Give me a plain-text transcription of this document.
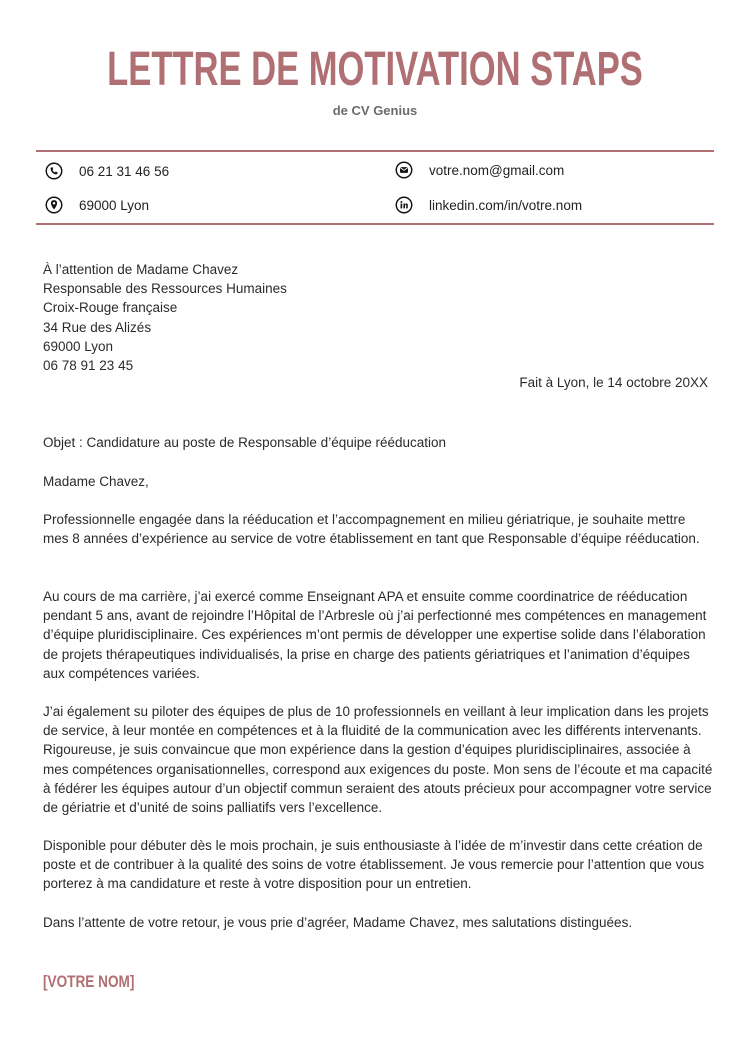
LETTRE DE MOTIVATION STAPS
de CV Genius
06 21 31 46 56	votre.nom@gmail.com
69000 Lyon	linkedin.com/in/votre.nom
À l’attention de Madame Chavez
Responsable des Ressources Humaines
Croix-Rouge française
34 Rue des Alizés
69000 Lyon
06 78 91 23 45
Fait à Lyon, le 14 octobre 20XX
Objet : Candidature au poste de Responsable d’équipe rééducation
Madame Chavez,
Professionnelle engagée dans la rééducation et l’accompagnement en milieu gériatrique, je souhaite mettre mes 8 années d’expérience au service de votre établissement en tant que Responsable d’équipe rééducation.
Au cours de ma carrière, j’ai exercé comme Enseignant APA et ensuite comme coordinatrice de rééducation pendant 5 ans, avant de rejoindre l’Hôpital de l’Arbresle où j’ai perfectionné mes compétences en management d’équipe pluridisciplinaire. Ces expériences m’ont permis de développer une expertise solide dans l’élaboration de projets thérapeutiques individualisés, la prise en charge des patients gériatriques et l’animation d’équipes aux compétences variées.
J’ai également su piloter des équipes de plus de 10 professionnels en veillant à leur implication dans les projets de service, à leur montée en compétences et à la fluidité de la communication avec les différents intervenants. Rigoureuse, je suis convaincue que mon expérience dans la gestion d’équipes pluridisciplinaires, associée à mes compétences organisationnelles, correspond aux exigences du poste. Mon sens de l’écoute et ma capacité à fédérer les équipes autour d’un objectif commun seraient des atouts précieux pour accompagner votre service de gériatrie et d’unité de soins palliatifs vers l’excellence.
Disponible pour débuter dès le mois prochain, je suis enthousiaste à l’idée de m’investir dans cette création de poste et de contribuer à la qualité des soins de votre établissement. Je vous remercie pour l’attention que vous porterez à ma candidature et reste à votre disposition pour un entretien.
Dans l’attente de votre retour, je vous prie d’agréer, Madame Chavez, mes salutations distinguées.
[VOTRE NOM]
